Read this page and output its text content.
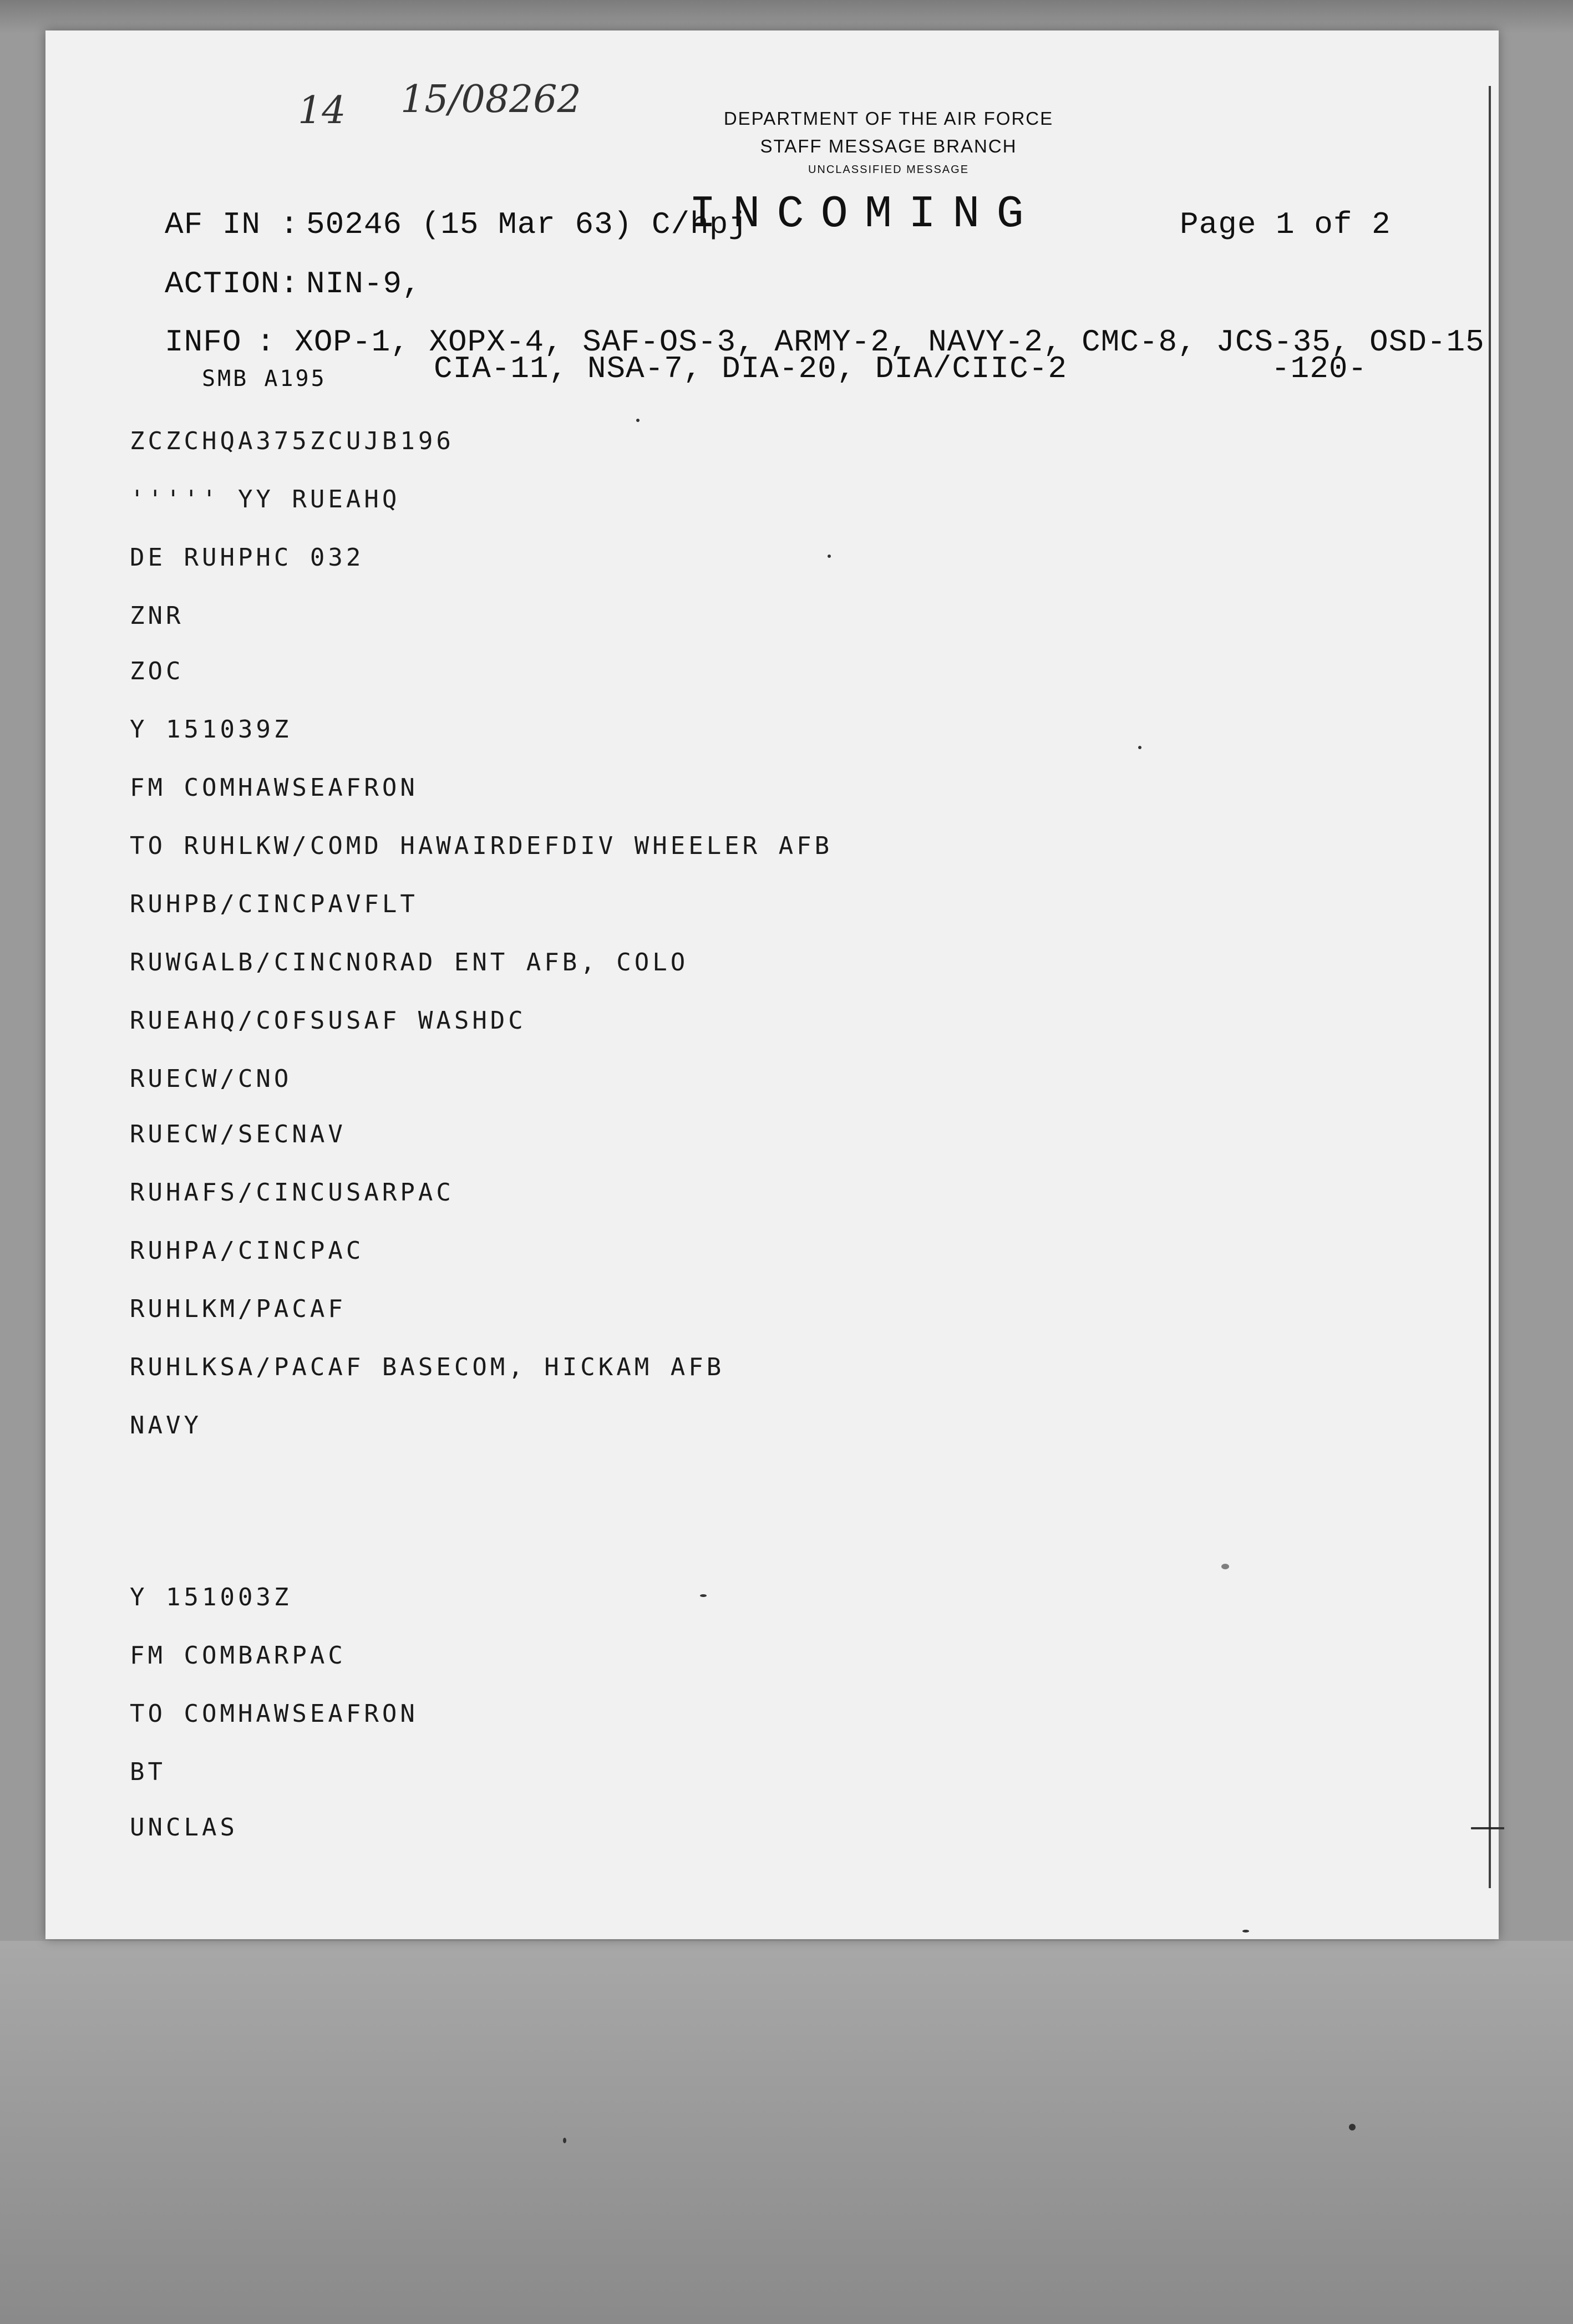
14 15/08262	DEPARTMENT OF THE AIR FORCE
STAFF MESSAGE BRANCH
UNCLASSIFIED MESSAGE
INCOMING
AF IN : 50246 (15 Mar 63) C/hpj	Page 1 of 2
ACTION: NIN-9,
INFO : XOP-1, XOPX-4, SAF-OS-3, ARMY-2, NAVY-2, CMC-8, JCS-35, OSD-15
CIA-11, NSA-7, DIA-20, DIA/CIIC-2
SMB A195	-120-
ZCZCHQA375ZCUJB196
''''' YY RUEAHQ
DE RUHPHC 032
ZNR
ZOC
Y 151039Z
FM COMHAWSEAFRON
TO RUHLKW/COMD HAWAIRDEFDIV WHEELER AFB
RUHPB/CINCPAVFLT
RUWGALB/CINCNORAD ENT AFB, COLO
RUEAHQ/COFSUSAF WASHDC
RUECW/CNO
RUECW/SECNAV
RUHAFS/CINCUSARPAC
RUHPA/CINCPAC
RUHLKM/PACAF
RUHLKSA/PACAF BASECOM, HICKAM AFB
NAVY
Y 151003Z
FM COMBARPAC
TO COMHAWSEAFRON
BT
UNCLAS
